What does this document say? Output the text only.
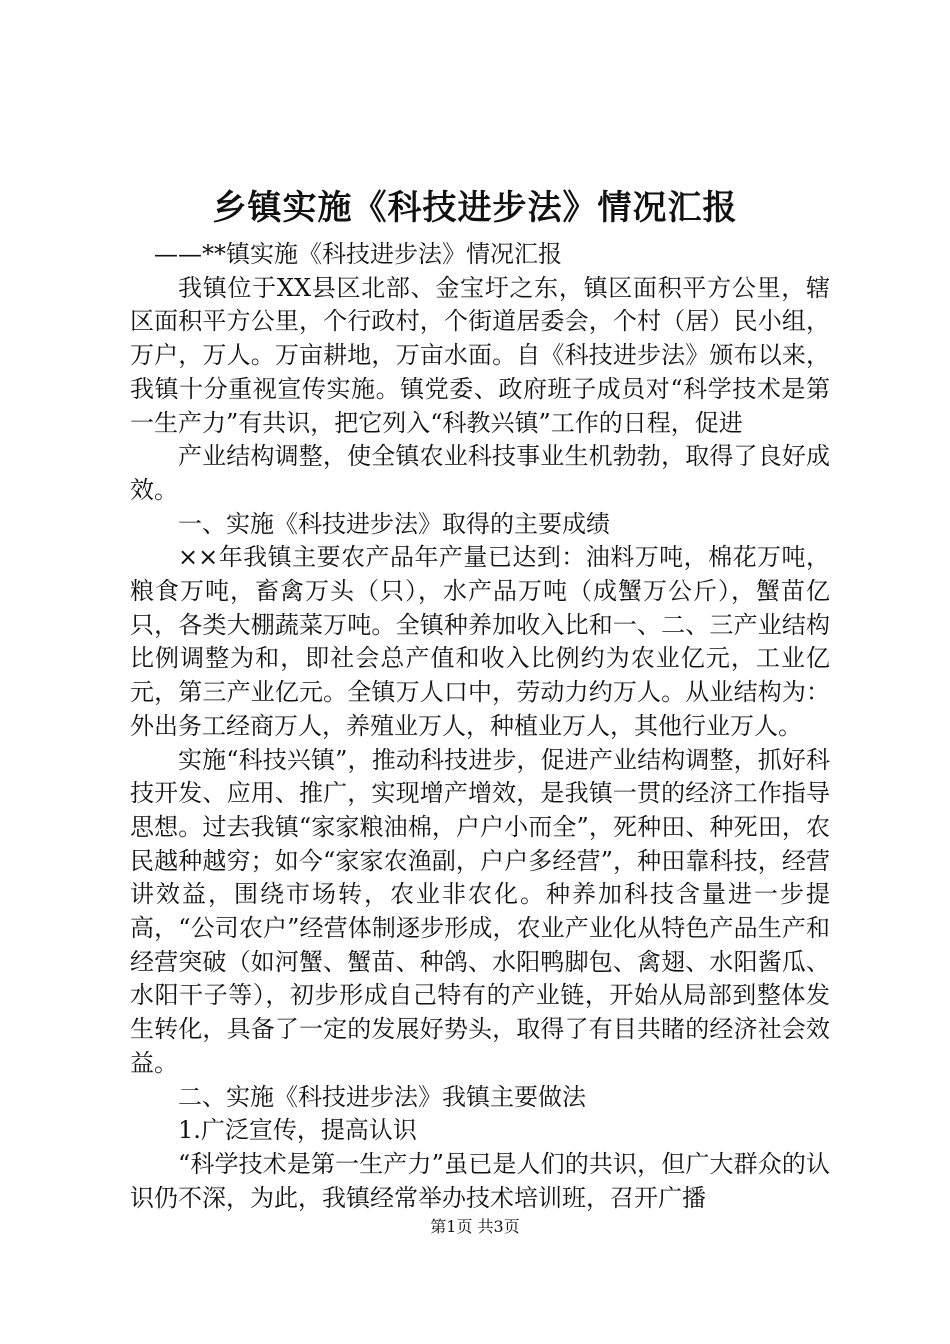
乡镇实施《科技进步法》情况汇报

——**镇实施《科技进步法》情况汇报

我镇位于XX县区北部、金宝圩之东，镇区面积平方公里，辖区面积平方公里，个行政村，个街道居委会，个村（居）民小组，万户，万人。万亩耕地，万亩水面。自《科技进步法》颁布以来，我镇十分重视宣传实施。镇党委、政府班子成员对“科学技术是第一生产力”有共识，把它列入“科教兴镇”工作的日程，促进

产业结构调整，使全镇农业科技事业生机勃勃，取得了良好成效。

一、实施《科技进步法》取得的主要成绩

××年我镇主要农产品年产量已达到：油料万吨，棉花万吨，粮食万吨，畜禽万头（只），水产品万吨（成蟹万公斤），蟹苗亿只，各类大棚蔬菜万吨。全镇种养加收入比和一、二、三产业结构比例调整为和，即社会总产值和收入比例约为农业亿元，工业亿元，第三产业亿元。全镇万人口中，劳动力约万人。从业结构为：外出务工经商万人，养殖业万人，种植业万人，其他行业万人。

实施“科技兴镇”，推动科技进步，促进产业结构调整，抓好科技开发、应用、推广，实现增产增效，是我镇一贯的经济工作指导思想。过去我镇“家家粮油棉，户户小而全”，死种田、种死田，农民越种越穷；如今“家家农渔副，户户多经营”，种田靠科技，经营讲效益，围绕市场转，农业非农化。种养加科技含量进一步提高，“公司农户”经营体制逐步形成，农业产业化从特色产品生产和经营突破（如河蟹、蟹苗、种鸽、水阳鸭脚包、禽翅、水阳酱瓜、水阳干子等），初步形成自己特有的产业链，开始从局部到整体发生转化，具备了一定的发展好势头，取得了有目共睹的经济社会效益。

二、实施《科技进步法》我镇主要做法

1.广泛宣传，提高认识

“科学技术是第一生产力”虽已是人们的共识，但广大群众的认识仍不深，为此，我镇经常举办技术培训班，召开广播

第1页 共3页
